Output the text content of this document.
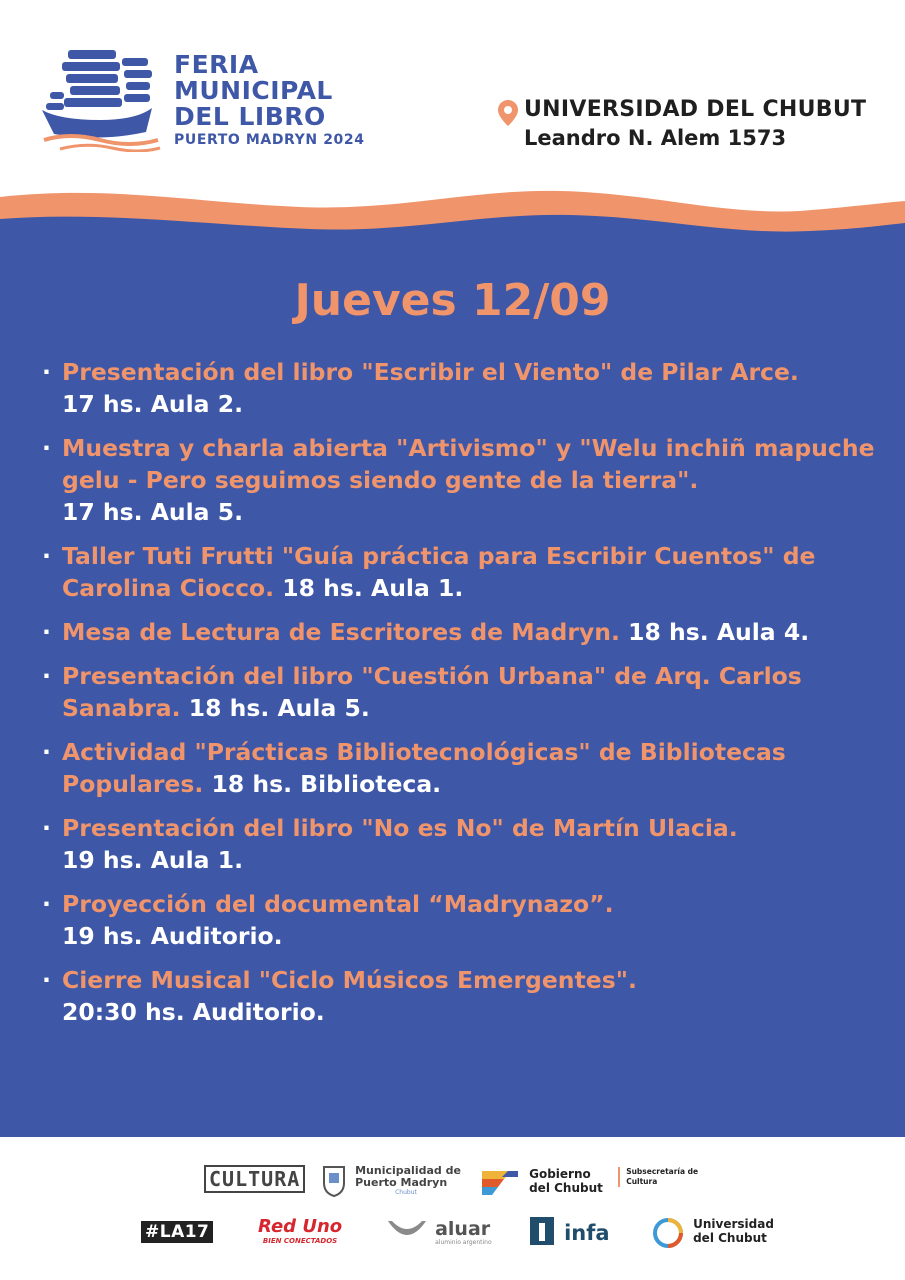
FERIA
MUNICIPAL
DEL LIBRO
PUERTO MADRYN 2024
UNIVERSIDAD DEL CHUBUT
Leandro N. Alem 1573
Jueves 12/09
· Presentación del libro "Escribir el Viento" de Pilar Arce.
17 hs. Aula 2.
· Muestra y charla abierta "Artivismo" y "Welu inchiñ mapuche gelu - Pero seguimos siendo gente de la tierra".
17 hs. Aula 5.
· Taller Tuti Frutti "Guía práctica para Escribir Cuentos" de Carolina Ciocco. 18 hs. Aula 1.
· Mesa de Lectura de Escritores de Madryn. 18 hs. Aula 4.
· Presentación del libro "Cuestión Urbana" de Arq. Carlos Sanabra. 18 hs. Aula 5.
· Actividad "Prácticas Bibliotecnológicas" de Bibliotecas Populares. 18 hs. Biblioteca.
· Presentación del libro "No es No" de Martín Ulacia.
19 hs. Aula 1.
· Proyección del documental “Madrynazo”.
19 hs. Auditorio.
· Cierre Musical "Ciclo Músicos Emergentes".
20:30 hs. Auditorio.
CULTURA
	Municipalidad de Puerto Madryn
Chubut

Gobierno del Chubut

Subsecretaría de Cultura
#LA17	Red Uno
BIEN CONECTADOS

aluar
aluminio argentino	infa	Universidad del Chubut
